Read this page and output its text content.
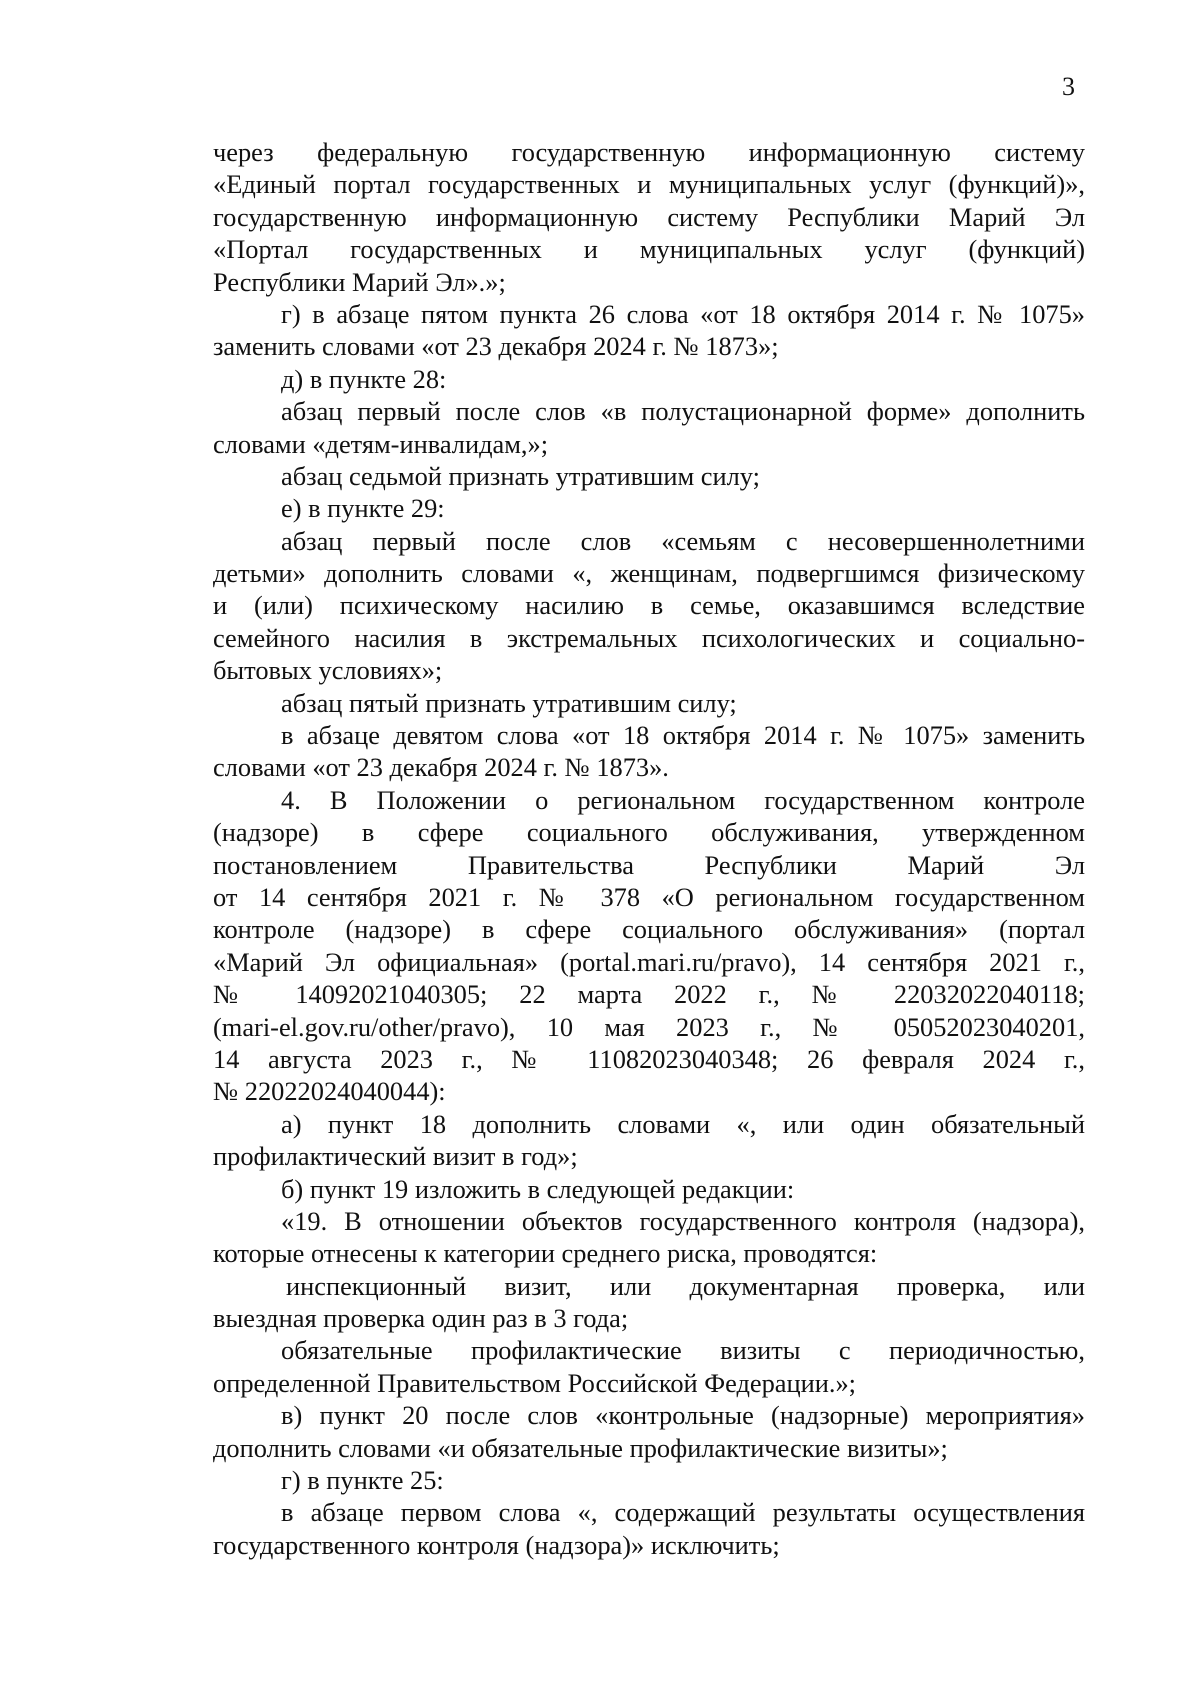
3
через федеральную государственную информационную систему
«Единый портал государственных и муниципальных услуг (функций)»,
государственную информационную систему Республики Марий Эл
«Портал государственных и муниципальных услуг (функций)
Республики Марий Эл».»;
г) в абзаце пятом пункта 26 слова «от 18 октября 2014 г. № 1075»
заменить словами «от 23 декабря 2024 г. № 1873»;
д) в пункте 28:
абзац первый после слов «в полустационарной форме» дополнить
словами «детям-инвалидам,»;
абзац седьмой признать утратившим силу;
е) в пункте 29:
абзац первый после слов «семьям с несовершеннолетними
детьми» дополнить словами «, женщинам, подвергшимся физическому
и (или) психическому насилию в семье, оказавшимся вследствие
семейного насилия в экстремальных психологических и социально-
бытовых условиях»;
абзац пятый признать утратившим силу;
в абзаце девятом слова «от 18 октября 2014 г. № 1075» заменить
словами «от 23 декабря 2024 г. № 1873».
4. В Положении о региональном государственном контроле
(надзоре) в сфере социального обслуживания, утвержденном
постановлением Правительства Республики Марий Эл
от 14 сентября 2021 г. № 378 «О региональном государственном
контроле (надзоре) в сфере социального обслуживания» (портал
«Марий Эл официальная» (portal.mari.ru/pravo), 14 сентября 2021 г.,
№ 14092021040305; 22 марта 2022 г., № 22032022040118;
(mari-el.gov.ru/other/pravo), 10 мая 2023 г., № 05052023040201,
14 августа 2023 г., № 11082023040348; 26 февраля 2024 г.,
№ 22022024040044):
а) пункт 18 дополнить словами «, или один обязательный
профилактический визит в год»;
б) пункт 19 изложить в следующей редакции:
«19. В отношении объектов государственного контроля (надзора),
которые отнесены к категории среднего риска, проводятся:
инспекционный визит, или документарная проверка, или
выездная проверка один раз в 3 года;
обязательные профилактические визиты с периодичностью,
определенной Правительством Российской Федерации.»;
в) пункт 20 после слов «контрольные (надзорные) мероприятия»
дополнить словами «и обязательные профилактические визиты»;
г) в пункте 25:
в абзаце первом слова «, содержащий результаты осуществления
государственного контроля (надзора)» исключить;
